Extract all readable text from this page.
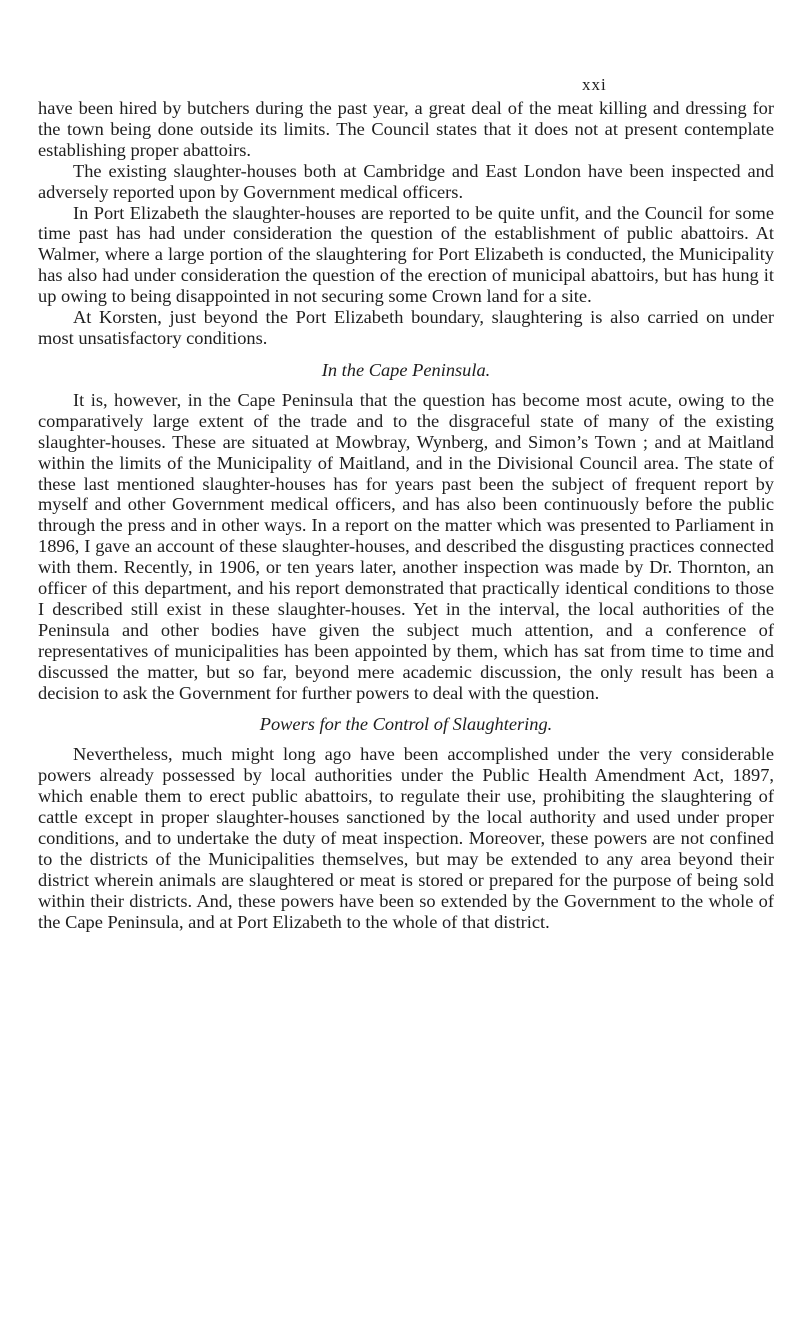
xxi

have been hired by butchers during the past year, a great deal of the meat killing and dressing for the town being done outside its limits. The Council states that it does not at present contemplate establishing proper abattoirs.

The existing slaughter-houses both at Cambridge and East London have been inspected and adversely reported upon by Government medical officers.

In Port Elizabeth the slaughter-houses are reported to be quite unfit, and the Council for some time past has had under consideration the question of the establishment of public abattoirs. At Walmer, where a large portion of the slaughtering for Port Elizabeth is conducted, the Municipality has also had under consideration the question of the erection of municipal abattoirs, but has hung it up owing to being disappointed in not securing some Crown land for a site.

At Korsten, just beyond the Port Elizabeth boundary, slaughtering is also carried on under most unsatisfactory conditions.

In the Cape Peninsula.

It is, however, in the Cape Peninsula that the question has become most acute, owing to the comparatively large extent of the trade and to the disgraceful state of many of the existing slaughter-houses. These are situated at Mowbray, Wynberg, and Simon’s Town ; and at Maitland within the limits of the Municipality of Maitland, and in the Divisional Council area. The state of these last mentioned slaughter-houses has for years past been the subject of frequent report by myself and other Government medical officers, and has also been continuously before the public through the press and in other ways. In a report on the matter which was presented to Parliament in 1896, I gave an account of these slaughter-houses, and described the disgusting practices connected with them. Recently, in 1906, or ten years later, another inspection was made by Dr. Thornton, an officer of this department, and his report demonstrated that practically identical conditions to those I described still exist in these slaughter-houses. Yet in the interval, the local authorities of the Peninsula and other bodies have given the subject much attention, and a conference of representatives of municipalities has been appointed by them, which has sat from time to time and discussed the matter, but so far, beyond mere academic discussion, the only result has been a decision to ask the Government for further powers to deal with the question.

Powers for the Control of Slaughtering.

Nevertheless, much might long ago have been accomplished under the very considerable powers already possessed by local authorities under the Public Health Amendment Act, 1897, which enable them to erect public abattoirs, to regulate their use, prohibiting the slaughtering of cattle except in proper slaughter-houses sanctioned by the local authority and used under proper conditions, and to undertake the duty of meat inspection. Moreover, these powers are not confined to the districts of the Municipalities themselves, but may be extended to any area beyond their district wherein animals are slaughtered or meat is stored or prepared for the purpose of being sold within their districts. And, these powers have been so extended by the Government to the whole of the Cape Peninsula, and at Port Elizabeth to the whole of that district.
